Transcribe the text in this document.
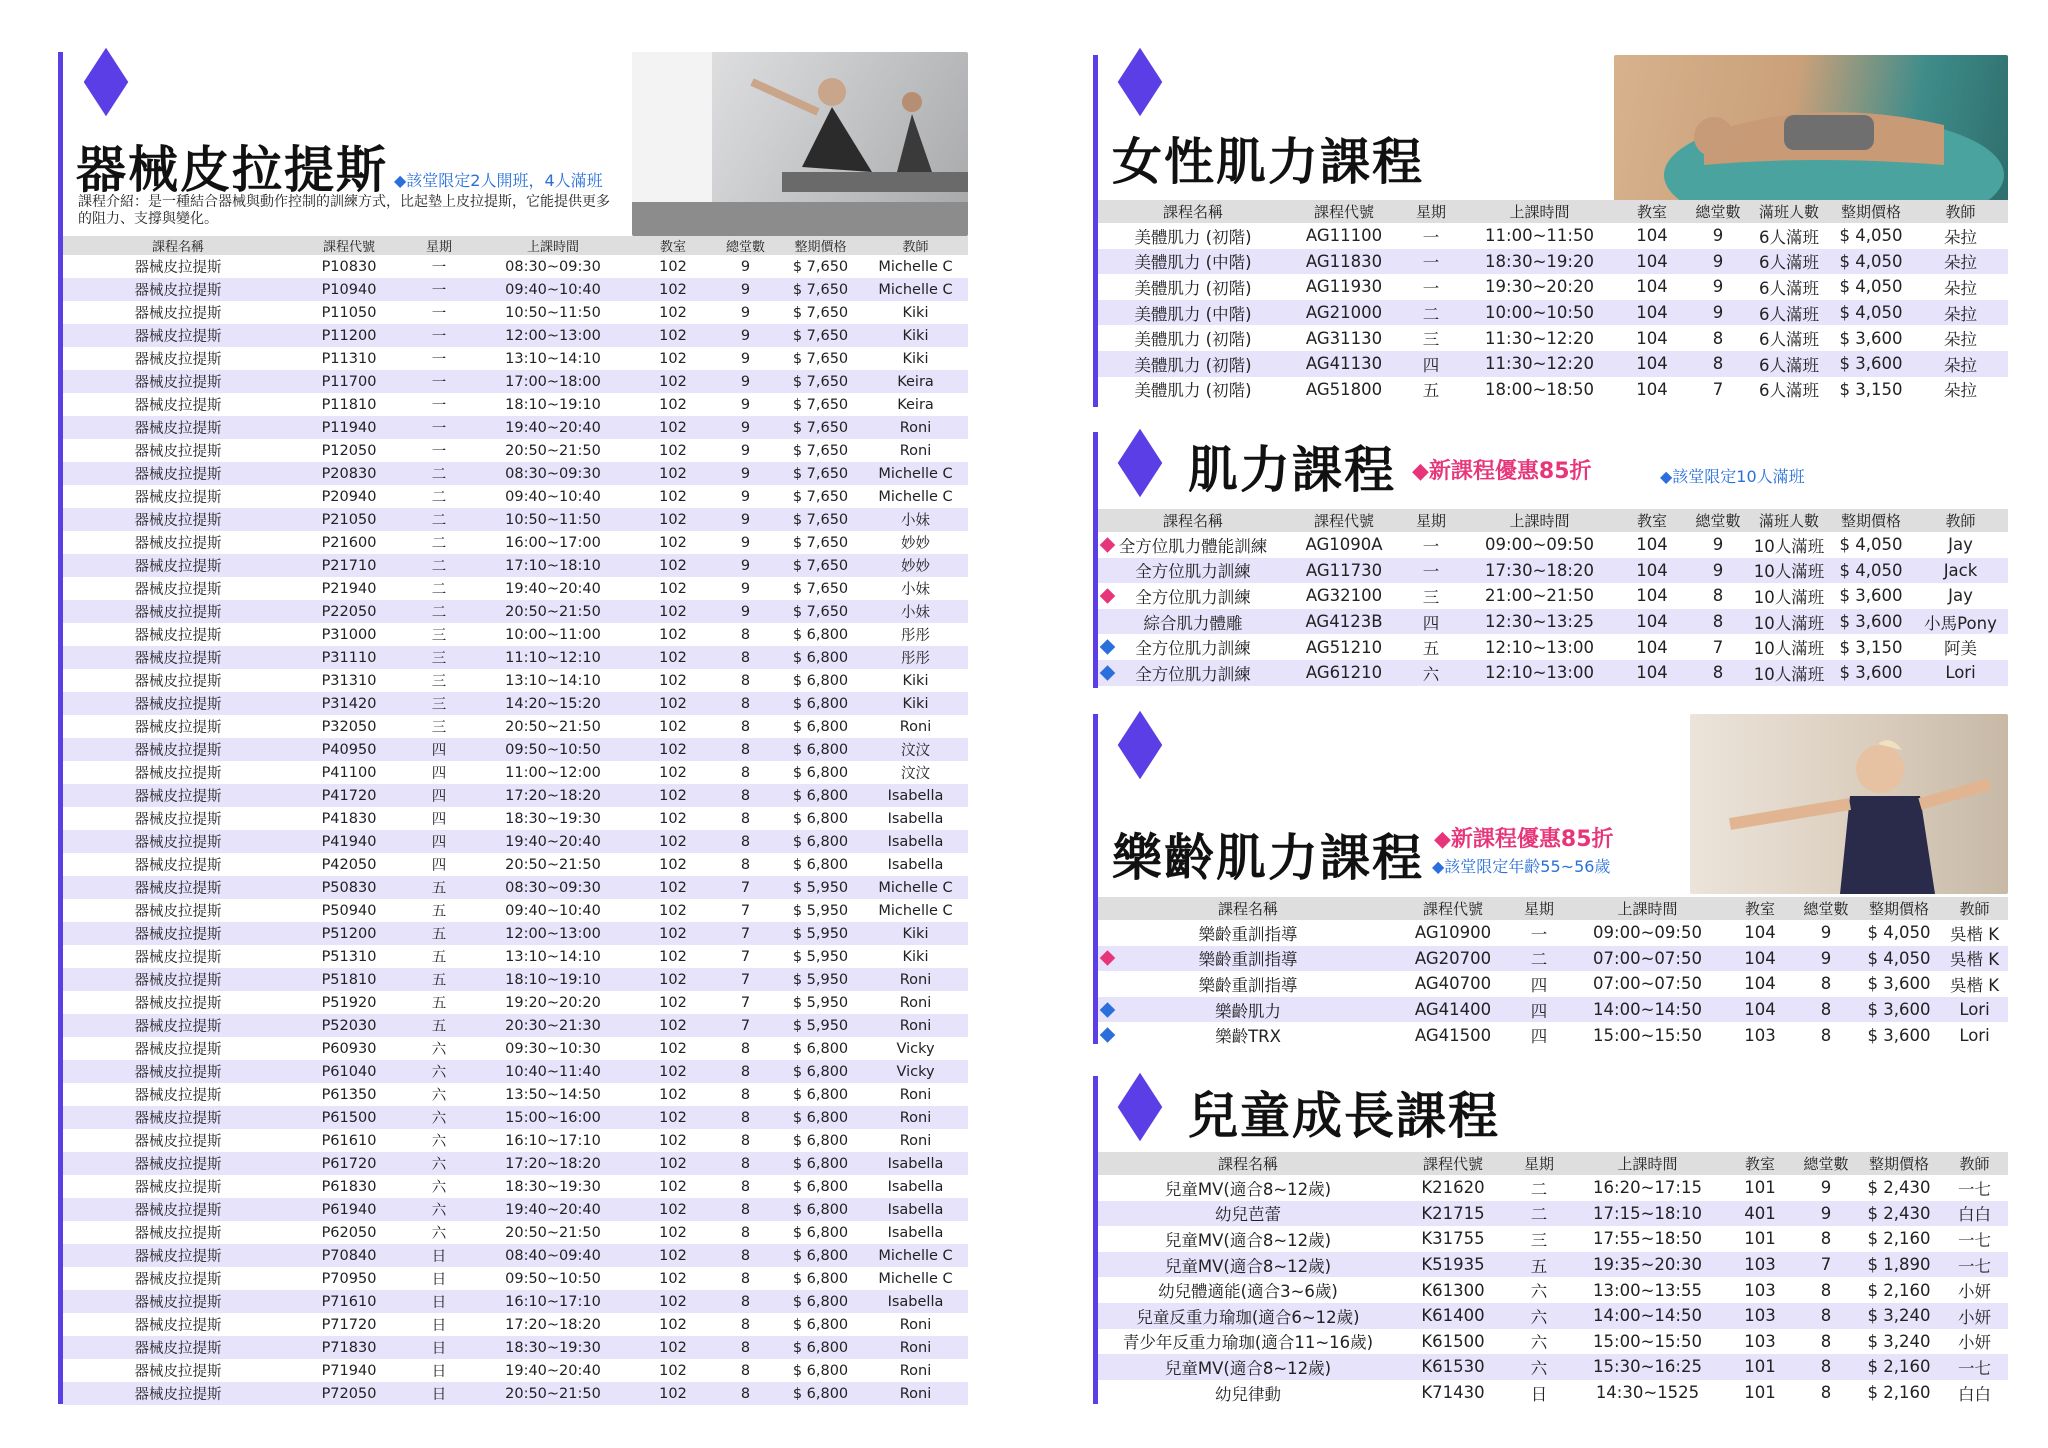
器械皮拉提斯 ◆該堂限定2人開班，4人滿班
課程介紹：是一種結合器械與動作控制的訓練方式，比起墊上皮拉提斯，它能提供更多的阻力、支撐與變化。
課程名稱	課程代號	星期	上課時間	教室	總堂數	整期價格	教師
器械皮拉提斯	P10830	一	08:30~09:30	102	9	$ 7,650	Michelle C
器械皮拉提斯	P10940	一	09:40~10:40	102	9	$ 7,650	Michelle C
器械皮拉提斯	P11050	一	10:50~11:50	102	9	$ 7,650	Kiki
器械皮拉提斯	P11200	一	12:00~13:00	102	9	$ 7,650	Kiki
器械皮拉提斯	P11310	一	13:10~14:10	102	9	$ 7,650	Kiki
器械皮拉提斯	P11700	一	17:00~18:00	102	9	$ 7,650	Keira
器械皮拉提斯	P11810	一	18:10~19:10	102	9	$ 7,650	Keira
器械皮拉提斯	P11940	一	19:40~20:40	102	9	$ 7,650	Roni
器械皮拉提斯	P12050	一	20:50~21:50	102	9	$ 7,650	Roni
器械皮拉提斯	P20830	二	08:30~09:30	102	9	$ 7,650	Michelle C
器械皮拉提斯	P20940	二	09:40~10:40	102	9	$ 7,650	Michelle C
器械皮拉提斯	P21050	二	10:50~11:50	102	9	$ 7,650	小妹
器械皮拉提斯	P21600	二	16:00~17:00	102	9	$ 7,650	妙妙
器械皮拉提斯	P21710	二	17:10~18:10	102	9	$ 7,650	妙妙
器械皮拉提斯	P21940	二	19:40~20:40	102	9	$ 7,650	小妹
器械皮拉提斯	P22050	二	20:50~21:50	102	9	$ 7,650	小妹
器械皮拉提斯	P31000	三	10:00~11:00	102	8	$ 6,800	彤彤
器械皮拉提斯	P31110	三	11:10~12:10	102	8	$ 6,800	彤彤
器械皮拉提斯	P31310	三	13:10~14:10	102	8	$ 6,800	Kiki
器械皮拉提斯	P31420	三	14:20~15:20	102	8	$ 6,800	Kiki
器械皮拉提斯	P32050	三	20:50~21:50	102	8	$ 6,800	Roni
器械皮拉提斯	P40950	四	09:50~10:50	102	8	$ 6,800	汶汶
器械皮拉提斯	P41100	四	11:00~12:00	102	8	$ 6,800	汶汶
器械皮拉提斯	P41720	四	17:20~18:20	102	8	$ 6,800	Isabella
器械皮拉提斯	P41830	四	18:30~19:30	102	8	$ 6,800	Isabella
器械皮拉提斯	P41940	四	19:40~20:40	102	8	$ 6,800	Isabella
器械皮拉提斯	P42050	四	20:50~21:50	102	8	$ 6,800	Isabella
器械皮拉提斯	P50830	五	08:30~09:30	102	7	$ 5,950	Michelle C
器械皮拉提斯	P50940	五	09:40~10:40	102	7	$ 5,950	Michelle C
器械皮拉提斯	P51200	五	12:00~13:00	102	7	$ 5,950	Kiki
器械皮拉提斯	P51310	五	13:10~14:10	102	7	$ 5,950	Kiki
器械皮拉提斯	P51810	五	18:10~19:10	102	7	$ 5,950	Roni
器械皮拉提斯	P51920	五	19:20~20:20	102	7	$ 5,950	Roni
器械皮拉提斯	P52030	五	20:30~21:30	102	7	$ 5,950	Roni
器械皮拉提斯	P60930	六	09:30~10:30	102	8	$ 6,800	Vicky
器械皮拉提斯	P61040	六	10:40~11:40	102	8	$ 6,800	Vicky
器械皮拉提斯	P61350	六	13:50~14:50	102	8	$ 6,800	Roni
器械皮拉提斯	P61500	六	15:00~16:00	102	8	$ 6,800	Roni
器械皮拉提斯	P61610	六	16:10~17:10	102	8	$ 6,800	Roni
器械皮拉提斯	P61720	六	17:20~18:20	102	8	$ 6,800	Isabella
器械皮拉提斯	P61830	六	18:30~19:30	102	8	$ 6,800	Isabella
器械皮拉提斯	P61940	六	19:40~20:40	102	8	$ 6,800	Isabella
器械皮拉提斯	P62050	六	20:50~21:50	102	8	$ 6,800	Isabella
器械皮拉提斯	P70840	日	08:40~09:40	102	8	$ 6,800	Michelle C
器械皮拉提斯	P70950	日	09:50~10:50	102	8	$ 6,800	Michelle C
器械皮拉提斯	P71610	日	16:10~17:10	102	8	$ 6,800	Isabella
器械皮拉提斯	P71720	日	17:20~18:20	102	8	$ 6,800	Roni
器械皮拉提斯	P71830	日	18:30~19:30	102	8	$ 6,800	Roni
器械皮拉提斯	P71940	日	19:40~20:40	102	8	$ 6,800	Roni
器械皮拉提斯	P72050	日	20:50~21:50	102	8	$ 6,800	Roni
女性肌力課程
課程名稱	課程代號	星期	上課時間	教室	總堂數	滿班人數	整期價格	教師
美體肌力 (初階)	AG11100	一	11:00~11:50	104	9	6人滿班	$ 4,050	朵拉
美體肌力 (中階)	AG11830	一	18:30~19:20	104	9	6人滿班	$ 4,050	朵拉
美體肌力 (初階)	AG11930	一	19:30~20:20	104	9	6人滿班	$ 4,050	朵拉
美體肌力 (中階)	AG21000	二	10:00~10:50	104	9	6人滿班	$ 4,050	朵拉
美體肌力 (初階)	AG31130	三	11:30~12:20	104	8	6人滿班	$ 3,600	朵拉
美體肌力 (初階)	AG41130	四	11:30~12:20	104	8	6人滿班	$ 3,600	朵拉
美體肌力 (初階)	AG51800	五	18:00~18:50	104	7	6人滿班	$ 3,150	朵拉
肌力課程 ◆新課程優惠85折	◆該堂限定10人滿班
課程名稱	課程代號	星期	上課時間	教室	總堂數	滿班人數	整期價格	教師

全方位肌力體能訓練	AG1090A	一	09:00~09:50	104	9	10人滿班	$ 4,050	Jay
全方位肌力訓練	AG11730	一	17:30~18:20	104	9	10人滿班	$ 4,050	Jack

全方位肌力訓練	AG32100	三	21:00~21:50	104	8	10人滿班	$ 3,600	Jay
綜合肌力體雕	AG4123B	四	12:30~13:25	104	8	10人滿班	$ 3,600	小馬Pony

全方位肌力訓練	AG51210	五	12:10~13:00	104	7	10人滿班	$ 3,150	阿美

全方位肌力訓練	AG61210	六	12:10~13:00	104	8	10人滿班	$ 3,600	Lori
樂齡肌力課程 ◆新課程優惠85折
◆該堂限定年齡55~56歲
課程名稱	課程代號	星期	上課時間	教室	總堂數	整期價格	教師
樂齡重訓指導	AG10900	一	09:00~09:50	104	9	$ 4,050	吳楷 K

樂齡重訓指導	AG20700	二	07:00~07:50	104	9	$ 4,050	吳楷 K
樂齡重訓指導	AG40700	四	07:00~07:50	104	8	$ 3,600	吳楷 K

樂齡肌力	AG41400	四	14:00~14:50	104	8	$ 3,600	Lori

樂齡TRX	AG41500	四	15:00~15:50	103	8	$ 3,600	Lori
兒童成長課程
課程名稱	課程代號	星期	上課時間	教室	總堂數	整期價格	教師
兒童MV(適合8~12歲)	K21620	二	16:20~17:15	101	9	$ 2,430	一七
幼兒芭蕾	K21715	二	17:15~18:10	401	9	$ 2,430	白白
兒童MV(適合8~12歲)	K31755	三	17:55~18:50	101	8	$ 2,160	一七
兒童MV(適合8~12歲)	K51935	五	19:35~20:30	103	7	$ 1,890	一七
幼兒體適能(適合3~6歲)	K61300	六	13:00~13:55	103	8	$ 2,160	小妍
兒童反重力瑜珈(適合6~12歲)	K61400	六	14:00~14:50	103	8	$ 3,240	小妍
青少年反重力瑜珈(適合11~16歲)	K61500	六	15:00~15:50	103	8	$ 3,240	小妍
兒童MV(適合8~12歲)	K61530	六	15:30~16:25	101	8	$ 2,160	一七
幼兒律動	K71430	日	14:30~1525	101	8	$ 2,160	白白
